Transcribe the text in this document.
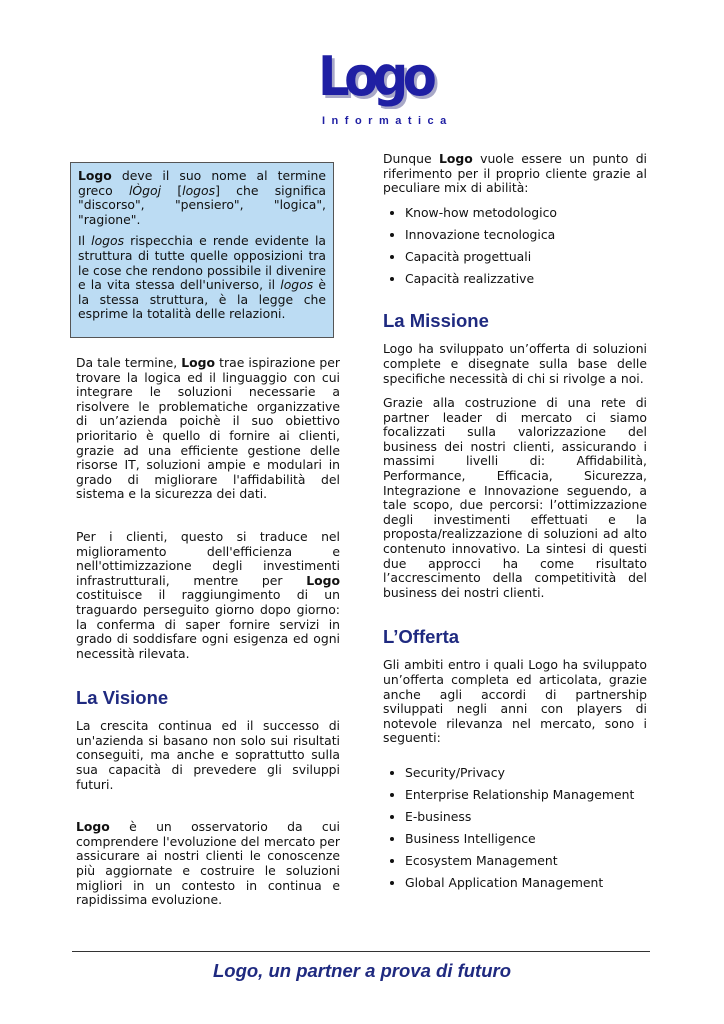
Logo
Informatica

Logo deve il suo nome al termine greco lÒgoj [logos] che significa "discorso", "pensiero", "logica", "ragione".

Il logos rispecchia e rende evidente la struttura di tutte quelle opposizioni tra le cose che rendono possibile il divenire e la vita stessa dell'universo, il logos è la stessa struttura, è la legge che esprime la totalità delle relazioni.

Da tale termine, Logo trae ispirazione per trovare la logica ed il linguaggio con cui integrare le soluzioni necessarie a risolvere le problematiche organizzative di un’azienda poichè il suo obiettivo prioritario è quello di fornire ai clienti, grazie ad una efficiente gestione delle risorse IT, soluzioni ampie e modulari in grado di migliorare l'affidabilità del sistema e la sicurezza dei dati.

Per i clienti, questo si traduce nel miglioramento dell'efficienza e nell'ottimizzazione degli investimenti infrastrutturali, mentre per Logo costituisce il raggiungimento di un traguardo perseguito giorno dopo giorno: la conferma di saper fornire servizi in grado di soddisfare ogni esigenza ed ogni necessità rilevata.

La Visione

La crescita continua ed il successo di un'azienda si basano non solo sui risultati conseguiti, ma anche e soprattutto sulla sua capacità di prevedere gli sviluppi futuri.

Logo è un osservatorio da cui comprendere l'evoluzione del mercato per assicurare ai nostri clienti le conoscenze più aggiornate e costruire le soluzioni migliori in un contesto in continua e rapidissima evoluzione.

Dunque Logo vuole essere un punto di riferimento per il proprio cliente grazie al peculiare mix di abilità:

• Know-how metodologico
• Innovazione tecnologica
• Capacità progettuali
• Capacità realizzative
La Missione

Logo ha sviluppato un’offerta di soluzioni complete e disegnate sulla base delle specifiche necessità di chi si rivolge a noi.

Grazie alla costruzione di una rete di partner leader di mercato ci siamo focalizzati sulla valorizzazione del business dei nostri clienti, assicurando i massimi livelli di: Affidabilità, Performance, Efficacia, Sicurezza, Integrazione e Innovazione seguendo, a tale scopo, due percorsi: l’ottimizzazione degli investimenti effettuati e la proposta/realizzazione di soluzioni ad alto contenuto innovativo. La sintesi di questi due approcci ha come risultato l’accrescimento della competitività del business dei nostri clienti.

L’Offerta

Gli ambiti entro i quali Logo ha sviluppato un’offerta completa ed articolata, grazie anche agli accordi di partnership sviluppati negli anni con players di notevole rilevanza nel mercato, sono i seguenti:

• Security/Privacy
• Enterprise Relationship Management
• E-business
• Business Intelligence
• Ecosystem Management
• Global Application Management
Logo, un partner a prova di futuro
